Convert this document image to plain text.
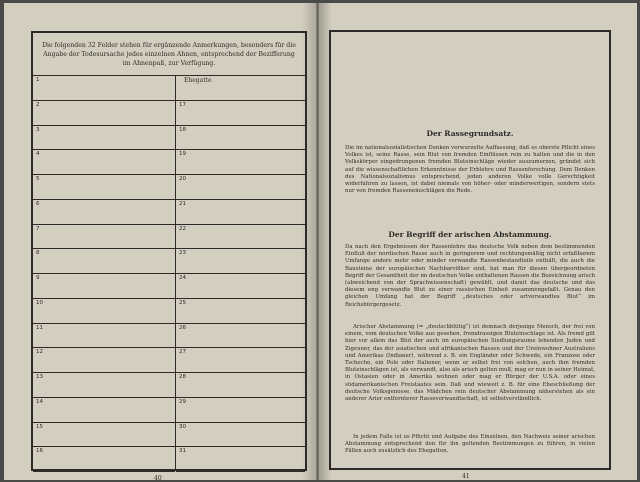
Die folgenden 32 Felder stehen für ergänzende Anmerkungen, besonders für die Angabe der Todesursache jedes einzelnen Ahnen, entsprechend der Bezifferung im Ahnenpaß, zur Verfügung.
1
2
3
4
5
6
7
8
9
10
11
12
13
14
15
16
Ehegatte
17
18
19
20
21
22
23
24
25
26
27
28
29
30
31
40
Der Rassegrundsatz.
Die im nationalsozialistischen Denken verwurzelte Auffassung, daß es oberste Pflicht eines Volkes ist, seine Rasse, sein Blut von fremden Einflüssen rein zu halten und die in den Volkskörper eingedrungenen fremden Bluteinschläge wieder auszumerzen, gründet sich auf die wissenschaftlichen Erkenntnisse der Erblehre und Rassenforschung. Dem Denken des Nationalsozialismus entsprechend, jeden anderen Volke volle Gerechtigkeit widerfahren zu lassen, ist dabei niemals von höher- oder minderwertigen, sondern stets nur von fremden Rasseneinschlägen die Rede.
Der Begriff der arischen Abstammung.
Da nach den Ergebnissen der Rassenlehre das deutsche Volk neben dem bestimmenden Einfluß der nordischen Rasse auch in geringerem und rechtungsmäßig nicht erfaßbarem Umfange andere mehr oder minder verwandte Rassenbestandteile enthält, die auch die Bausteine der europäischen Nachbarvölker sind, hat man für diesen übergeordneten Begriff der Gesamtheit der im deutschen Volke enthaltenen Rassen die Bezeichnung arisch (abweichend von der Sprachwissenschaft) gewählt, und damit das deutsche und das diesem eng verwandte Blut zu einer rassischen Einheit zusammengefaßt. Genau den gleichen Umfang hat der Begriff „deutsches oder artverwandtes Blut“ im Reichsbürgergesetz.
Arischer Abstammung (= „deutschblütig“) ist demnach derjenige Mensch, der frei von einem, vom deutschen Volke aus gesehen, fremdrassigen Bluteinschlage ist. Als fremd gilt hier vor allem das Blut der auch im europäischen Siedlungsraume lebenden Juden und Zigeuner, das der asiatischen und afrikanischen Rassen und der Ureinwohner Australiens und Amerikas (Indianer), während z. B. ein Engländer oder Schwede, ein Franzose oder Tscheche, ein Pole oder Italiener, wenn er selbst frei von solchen, auch ihm fremden Bluteinschlägen ist, als verwandt, also als arisch gelten muß, mag er nun in seiner Heimat, in Ostasien oder in Amerika wohnen oder mag er Bürger der U.S.A. oder eines südamerikanischen Freistaates sein. Daß und wieweit z. B. für eine Eheschließung der deutsche Volksgenosse, das Mädchen rein deutscher Abstammung näherstehen als ein anderer Arier entfernterer Rasseverwandtschaft, ist selbstverständlich.
In jedem Falle ist es Pflicht und Aufgabe des Einzelnen, den Nachweis seiner arischen Abstammung entsprechend den für ihn geltenden Bestimmungen zu führen, in vielen Fällen auch zusätzlich des Ehegatten.
41
